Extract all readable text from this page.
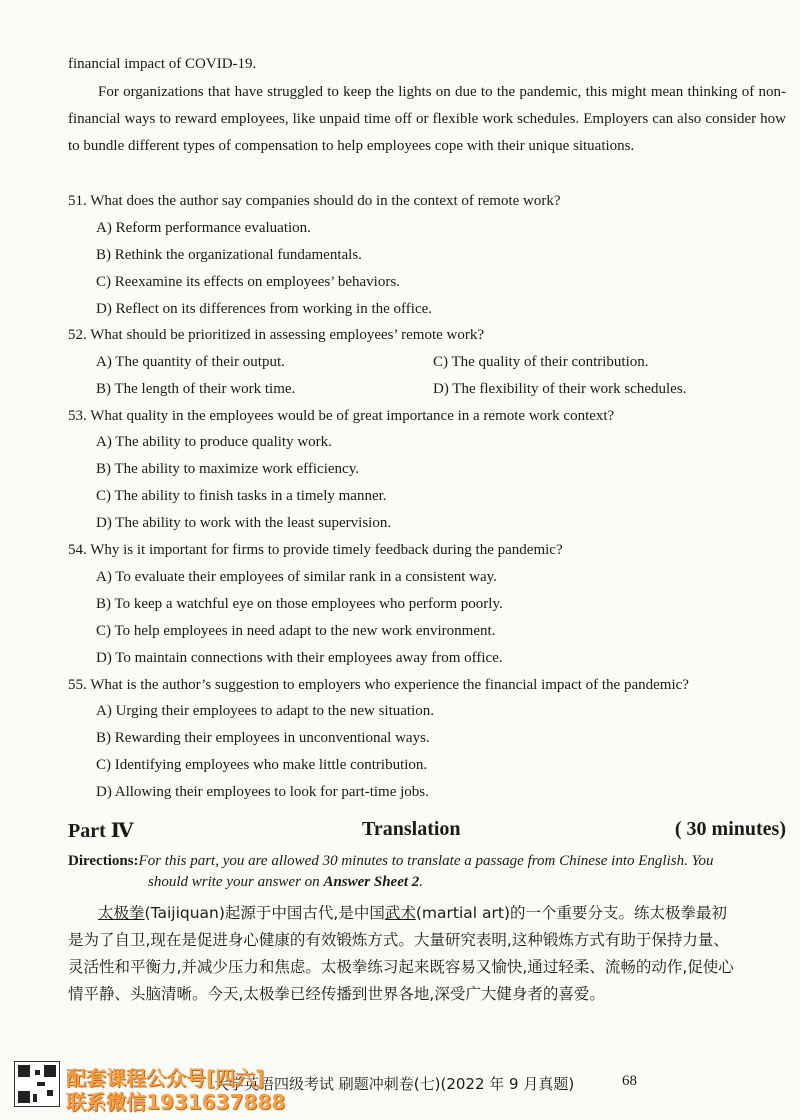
financial impact of COVID-19.
For organizations that have struggled to keep the lights on due to the pandemic, this might mean thinking of non-financial ways to reward employees, like unpaid time off or flexible work schedules. Employers can also consider how to bundle different types of compensation to help employees cope with their unique situations.
51. What does the author say companies should do in the context of remote work?
A) Reform performance evaluation.
B) Rethink the organizational fundamentals.
C) Reexamine its effects on employees’ behaviors.
D) Reflect on its differences from working in the office.
52. What should be prioritized in assessing employees’ remote work?
A) The quantity of their output.	C) The quality of their contribution.
B) The length of their work time.	D) The flexibility of their work schedules.
53. What quality in the employees would be of great importance in a remote work context?
A) The ability to produce quality work.
B) The ability to maximize work efficiency.
C) The ability to finish tasks in a timely manner.
D) The ability to work with the least supervision.
54. Why is it important for firms to provide timely feedback during the pandemic?
A) To evaluate their employees of similar rank in a consistent way.
B) To keep a watchful eye on those employees who perform poorly.
C) To help employees in need adapt to the new work environment.
D) To maintain connections with their employees away from office.
55. What is the author’s suggestion to employers who experience the financial impact of the pandemic?
A) Urging their employees to adapt to the new situation.
B) Rewarding their employees in unconventional ways.
C) Identifying employees who make little contribution.
D) Allowing their employees to look for part-time jobs.
Part Ⅳ	Translation	( 30 minutes)
Directions:For this part, you are allowed 30 minutes to translate a passage from Chinese into English. You
should write your answer on Answer Sheet 2.
太极拳(Taijiquan)起源于中国古代,是中国武术(martial art)的一个重要分支。练太极拳最初
是为了自卫,现在是促进身心健康的有效锻炼方式。大量研究表明,这种锻炼方式有助于保持力量、
灵活性和平衡力,并减少压力和焦虑。太极拳练习起来既容易又愉快,通过轻柔、流畅的动作,促使心
情平静、头脑清晰。今天,太极拳已经传播到世界各地,深受广大健身者的喜爱。
大学英语四级考试 刷题冲刺卷(七)(2022 年 9 月真题)	68
配套课程公众号[四六]
联系微信1931637888
